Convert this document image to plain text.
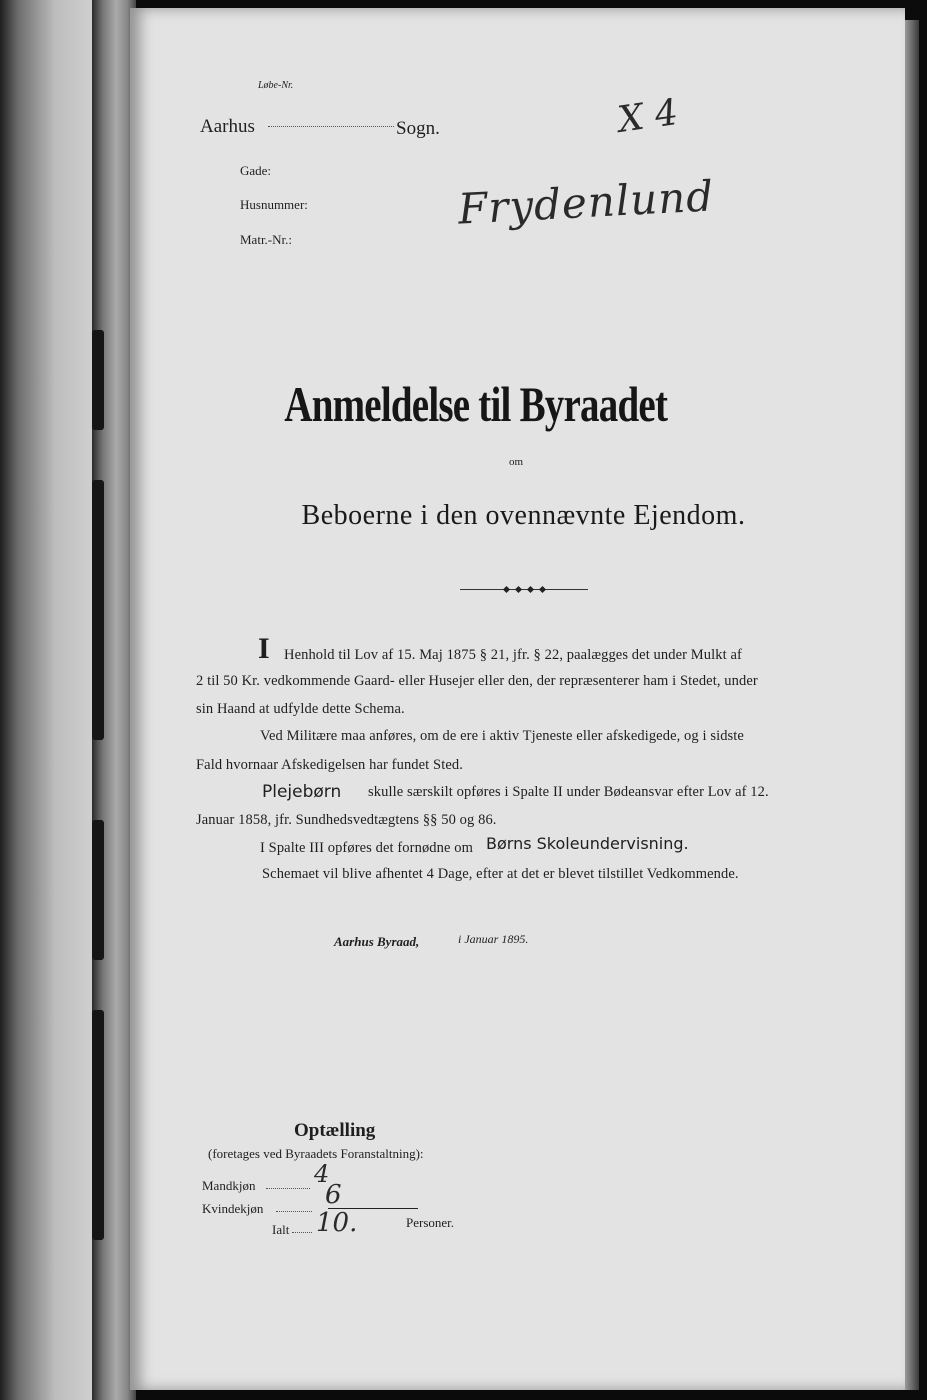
Løbe-Nr.
Aarhus	Sogn.
Gade:
Husnummer:
Matr.-Nr.:
X 4
Frydenlund
Anmeldelse til Byraadet
om
Beboerne i den ovennævnte Ejendom.
I Henhold til Lov af 15. Maj 1875 § 21, jfr. § 22, paalægges det under Mulkt af
2 til 50 Kr. vedkommende Gaard- eller Husejer eller den, der repræsenterer ham i Stedet, under
sin Haand at udfylde dette Schema.
Ved Militære maa anføres, om de ere i aktiv Tjeneste eller afskedigede, og i sidste
Fald hvornaar Afskedigelsen har fundet Sted.
Plejebørn skulle særskilt opføres i Spalte II under Bødeansvar efter Lov af 12.
Januar 1858, jfr. Sundhedsvedtægtens §§ 50 og 86.
I Spalte III opføres det fornødne om Børns Skoleundervisning.
Schemaet vil blive afhentet 4 Dage, efter at det er blevet tilstillet Vedkommende.
Aarhus Byraad,	i Januar 1895.
Optælling
(foretages ved Byraadets Foranstaltning):
Mandkjøn 4
Kvindekjøn 6
Ialt 10.	Personer.
